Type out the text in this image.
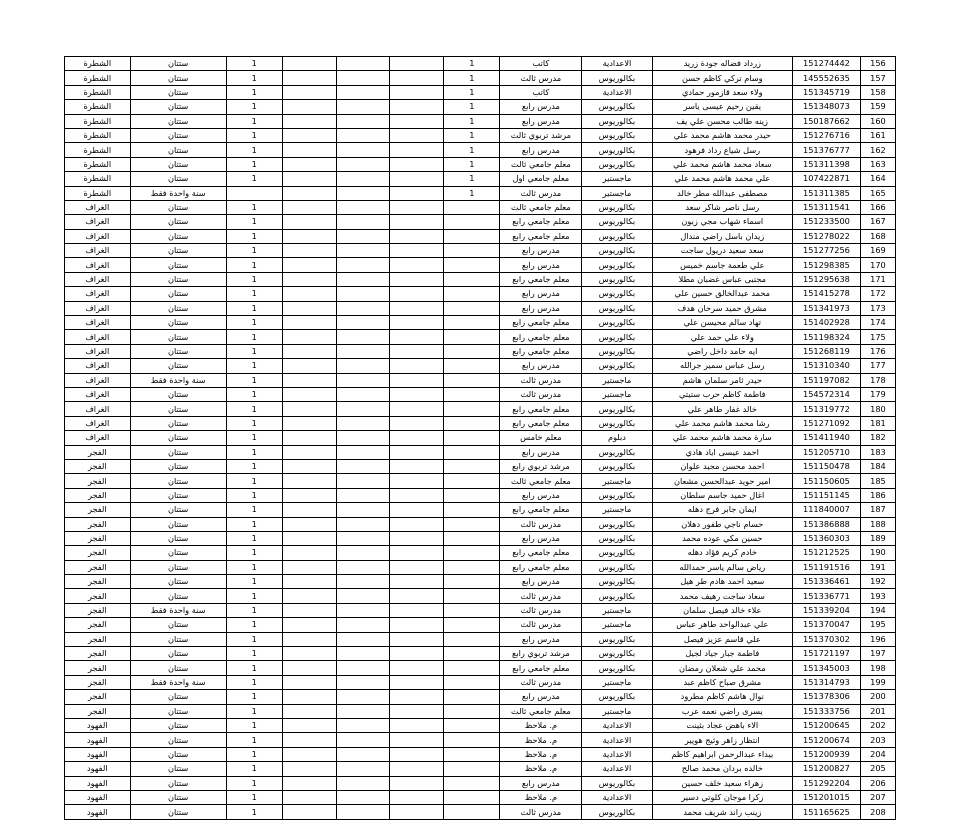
156	151274442	زرداد فضاله جودة زريد	الاعدادية	كاتب	1				1	ستتان	الشطرة
157	145552635	وسام تركي كاظم حسن	بكالوريوس	مدرس ثالث	1				1	ستتان	الشطرة
158	151345719	ولاء سعد قازمور حمادي	الاعدادية	كاتب	1				1	ستتان	الشطرة
159	151348073	يقين رحيم عيسى ياسر	بكالوريوس	مدرس رابع	1				1	ستتان	الشطرة
160	150187662	زينه طالب محسن علي يف	بكالوريوس	مدرس رابع	1				1	ستتان	الشطرة
161	151276716	حيدر محمد هاشم محمد علي	بكالوريوس	مرشد تربوي ثالث	1				1	ستتان	الشطرة
162	151376777	رسل شياع رداد فرهود	بكالوريوس	مدرس رابع	1				1	ستتان	الشطرة
163	151311398	سعاد محمد هاشم محمد علي	بكالوريوس	معلم جامعي ثالث	1				1	ستتان	الشطرة
164	107422871	علي محمد هاشم محمد علي	ماجستير	معلم جامعي اول	1				1	ستتان	الشطرة
165	151311385	مصطفى عبدالله مطر خالد	ماجستير	مدرس ثالث	1					سنة واحدة فقط	الشطرة
166	151311541	رسل ناصر شاكر سعد	بكالوريوس	معلم جامعي ثالث					1	ستتان	الغراف
167	151233500	اسماء شهاب مجي زبون	بكالوريوس	معلم جامعي رابع					1	ستتان	الغراف
168	151278022	زيدان باسل راضي مندال	بكالوريوس	معلم جامعي رابع					1	ستتان	الغراف
169	151277256	سعد سعيد دريول ساجت	بكالوريوس	مدرس رابع					1	ستتان	الغراف
170	151298385	علي طعمة جاسم خميس	بكالوريوس	مدرس رابع					1	ستتان	الغراف
171	151295638	مجتبى عباس غضبان مطلا	بكالوريوس	معلم جامعي رابع					1	ستتان	الغراف
172	151415278	محمد عبدالخالق حسين علي	بكالوريوس	مدرس رابع					1	ستتان	الغراف
173	151341973	مشرق حميد سرحان هدف	بكالوريوس	مدرس رابع					1	ستتان	الغراف
174	151402928	تهاد سالم محيسن علي	بكالوريوس	معلم جامعي رابع					1	ستتان	الغراف
175	151198324	ولاء علي حمد علي	بكالوريوس	معلم جامعي رابع					1	ستتان	الغراف
176	151268119	ايه حامد داخل راضي	بكالوريوس	معلم جامعي رابع					1	ستتان	الغراف
177	151310340	رسل عباس سمير جرالله	بكالوريوس	مدرس رابع					1	ستتان	الغراف
178	151197082	حيدر ثامر سلمان هاشم	ماجستير	مدرس ثالث					1	سنة واحدة فقط	الغراف
179	154572314	فاطمة كاظم حرب ستيتي	ماجستير	مدرس ثالث					1	ستتان	الغراف
180	151319772	خالد غفار طاهر علي	بكالوريوس	معلم جامعي رابع					1	ستتان	الغراف
181	151271092	رشا محمد هاشم محمد علي	بكالوريوس	معلم جامعي رابع					1	ستتان	الغراف
182	151411940	سارة محمد هاشم محمد علي	دبلوم	معلم خامس					1	ستتان	الغراف
183	151205710	احمد عيسى اياد هادي	بكالوريوس	مدرس رابع					1	ستتان	الفجر
184	151150478	احمد محسن مجيد علوان	بكالوريوس	مرشد تربوي رابع					1	ستتان	الفجر
185	151150605	امير حويد عبدالحسن مشعان	ماجستير	معلم جامعي ثالث					1	ستتان	الفجر
186	151151145	اغال حميد جاسم سلطان	بكالوريوس	مدرس رابع					1	ستتان	الفجر
187	111840007	ايمان جابر فرج دهله	ماجستير	معلم جامعي رابع					1	ستتان	الفجر
188	151386888	حسام ناجي طفور دهلان	بكالوريوس	مدرس ثالث					1	ستتان	الفجر
189	151360303	حسين مكي عوده محمد	بكالوريوس	مدرس رابع					1	ستتان	الفجر
190	151212525	خادم كريم فؤاد دهله	بكالوريوس	معلم جامعي رابع					1	ستتان	الفجر
191	151191516	رياض سالم ياسر حمدالله	بكالوريوس	معلم جامعي رابع					1	ستتان	الفجر
192	151336461	سعيد احمد هادم طر هيل	بكالوريوس	مدرس رابع					1	ستتان	الفجر
193	151336771	سعاد ساجت رهيف محمد	بكالوريوس	مدرس ثالث					1	ستتان	الفجر
194	151339204	علاء خالد فيصل سلمان	ماجستير	مدرس ثالث					1	سنة واحدة فقط	الفجر
195	151370047	علي عبدالواحد طاهر عباس	ماجستير	مدرس ثالث					1	ستتان	الفجر
196	151370302	علي قاسم عزيز فيصل	بكالوريوس	مدرس رابع					1	ستتان	الفجر
197	151721197	فاطمة جبار جياد لجيل	بكالوريوس	مرشد تربوي رابع					1	ستتان	الفجر
198	151345003	محمد علي شعلان رمضان	بكالوريوس	معلم جامعي رابع					1	ستتان	الفجر
199	151314793	مشرق صباح كاظم عبد	ماجستير	مدرس ثالث					1	سنة واحدة فقط	الفجر
200	151378306	نوال هاشم كاظم مطرود	بكالوريوس	مدرس رابع					1	ستتان	الفجر
201	151333756	يسرى راضي نعمه عرب	ماجستير	معلم جامعي ثالث					1	ستتان	الفجر
202	151200645	الاء باهض عجاد بثينت	الاعدادية	م. ملاحظ					1	ستتان	الفهود
203	151200674	انتظار زاهر وثيج هويير	الاعدادية	م. ملاحظ					1	ستتان	الفهود
204	151200939	بيداء عبدالرحمن ابراهيم كاظم	الاعدادية	م. ملاحظ					1	ستتان	الفهود
205	151200827	خالده بردان محمد صالح	الاعدادية	م. ملاحظ					1	ستتان	الفهود
206	151292204	زهراء سعيد خلف حسين	بكالوريوس	مدرس رابع					1	ستتان	الفهود
207	151201015	زكرا موجان كلوتي دسير	الاعدادية	م. ملاحظ					1	ستتان	الفهود
208	151165625	زينب راند شريف محمد	بكالوريوس	مدرس ثالث					1	ستتان	الفهود
